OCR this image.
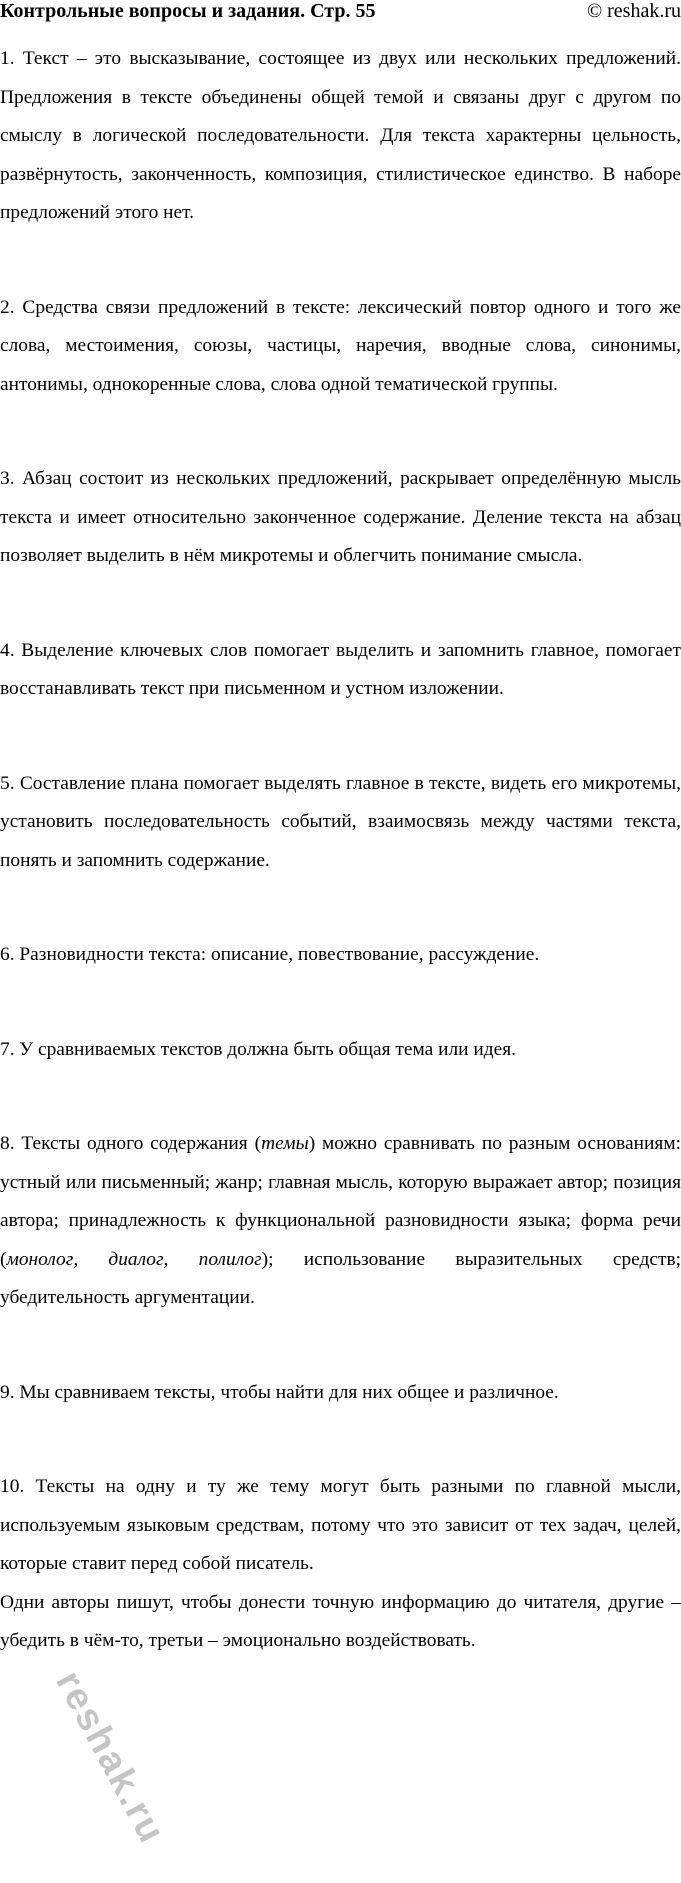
Контрольные вопросы и задания. Стр. 55	© reshak.ru

1. Текст – это высказывание, состоящее из двух или нескольких предложений. Предложения в тексте объединены общей темой и связаны друг с другом по смыслу в логической последовательности. Для текста характерны цельность, развёрнутость, законченность, композиция, стилистическое единство. В наборе предложений этого нет.

2. Средства связи предложений в тексте: лексический повтор одного и того же слова, местоимения, союзы, частицы, наречия, вводные слова, синонимы, антонимы, однокоренные слова, слова одной тематической группы.

3. Абзац состоит из нескольких предложений, раскрывает определённую мысль текста и имеет относительно законченное содержание. Деление текста на абзац позволяет выделить в нём микротемы и облегчить понимание смысла.

4. Выделение ключевых слов помогает выделить и запомнить главное, помогает восстанавливать текст при письменном и устном изложении.

5. Составление плана помогает выделять главное в тексте, видеть его микротемы, установить последовательность событий, взаимосвязь между частями текста, понять и запомнить содержание.

6. Разновидности текста: описание, повествование, рассуждение.

7. У сравниваемых текстов должна быть общая тема или идея.

8. Тексты одного содержания (темы) можно сравнивать по разным основаниям: устный или письменный; жанр; главная мысль, которую выражает автор; позиция автора; принадлежность к функциональной разновидности языка; форма речи (монолог, диалог, полилог); использование выразительных средств; убедительность аргументации.

9. Мы сравниваем тексты, чтобы найти для них общее и различное.

10. Тексты на одну и ту же тему могут быть разными по главной мысли, используемым языковым средствам, потому что это зависит от тех задач, целей, которые ставит перед собой писатель.

Одни авторы пишут, чтобы донести точную информацию до читателя, другие – убедить в чём-то, третьи – эмоционально воздействовать.

reshak.ru
